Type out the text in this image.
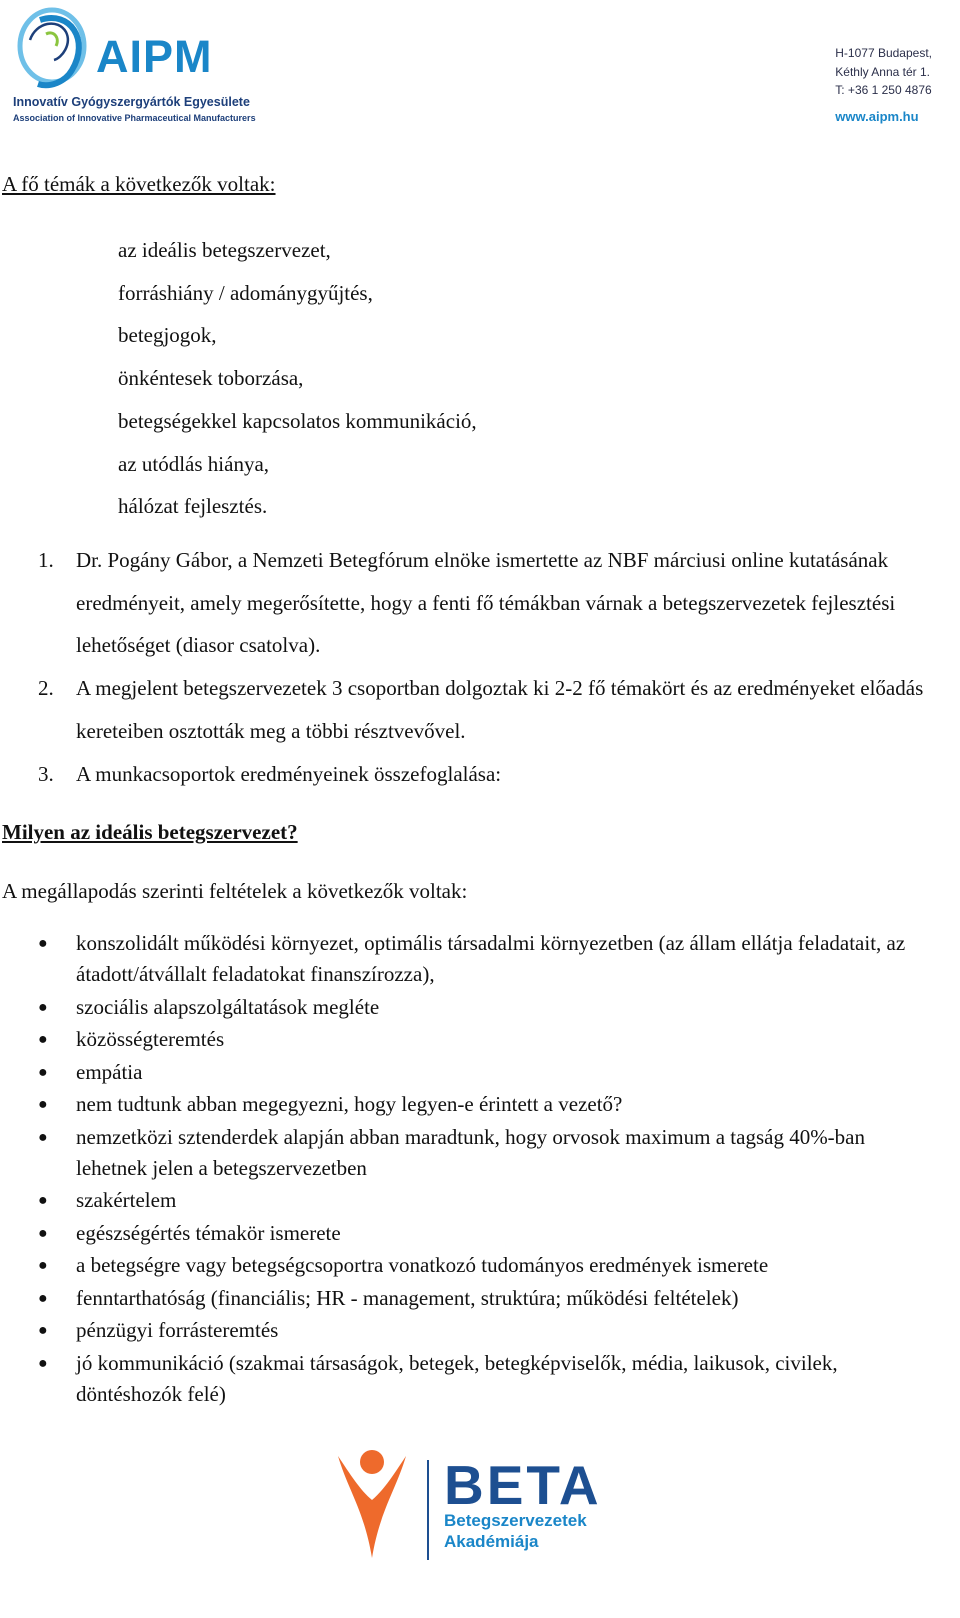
AIPM
Innovatív Gyógyszergyártók Egyesülete
Association of Innovative Pharmaceutical Manufacturers
H-1077 Budapest,
Kéthly Anna tér 1.
T: +36 1 250 4876
www.aipm.hu
A fő témák a következők voltak:
az ideális betegszervezet,
forráshiány / adománygyűjtés,
betegjogok,
önkéntesek toborzása,
betegségekkel kapcsolatos kommunikáció,
az utódlás hiánya,
hálózat fejlesztés.
1. Dr. Pogány Gábor, a Nemzeti Betegfórum elnöke ismertette az NBF márciusi online kutatásának eredményeit, amely megerősítette, hogy a fenti fő témákban várnak a betegszervezetek fejlesztési lehetőséget (diasor csatolva).
2. A megjelent betegszervezetek 3 csoportban dolgoztak ki 2-2 fő témakört és az eredményeket előadás kereteiben osztották meg a többi résztvevővel.
3. A munkacsoportok eredményeinek összefoglalása:
Milyen az ideális betegszervezet?
A megállapodás szerinti feltételek a következők voltak:
● konszolidált működési környezet, optimális társadalmi környezetben (az állam ellátja feladatait, az átadott/átvállalt feladatokat finanszírozza),
● szociális alapszolgáltatások megléte
● közösségteremtés
● empátia
● nem tudtunk abban megegyezni, hogy legyen-e érintett a vezető?
● nemzetközi sztenderdek alapján abban maradtunk, hogy orvosok maximum a tagság 40%-ban lehetnek jelen a betegszervezetben
● szakértelem
● egészségértés témakör ismerete
● a betegségre vagy betegségcsoportra vonatkozó tudományos eredmények ismerete
● fenntarthatóság (financiális; HR - management, struktúra; működési feltételek)
● pénzügyi forrásteremtés
● jó kommunikáció (szakmai társaságok, betegek, betegképviselők, média, laikusok, civilek, döntéshozók felé)
BETA
Betegszervezetek
Akadémiája
